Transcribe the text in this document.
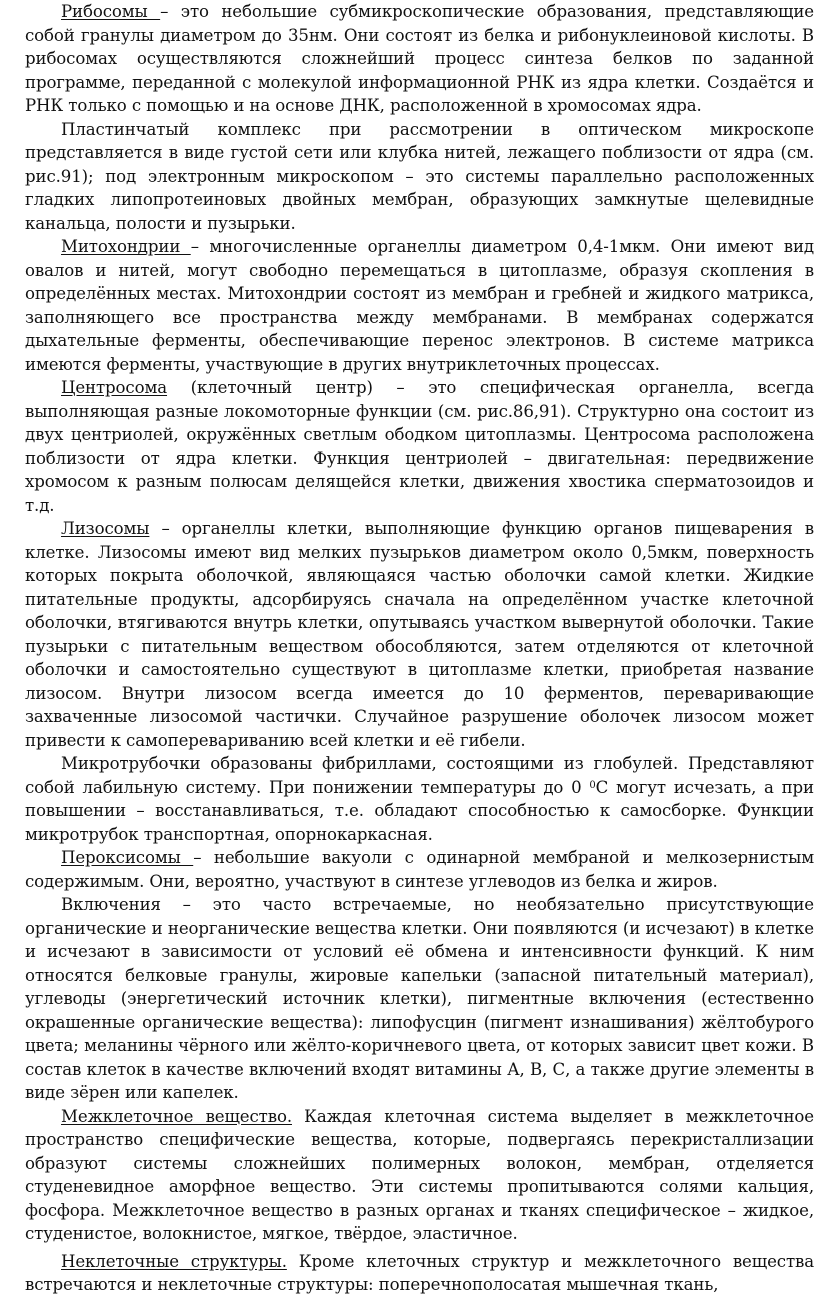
Рибосомы – это небольшие субмикроскопические образования, представляющие собой гранулы диаметром до 35нм. Они состоят из белка и рибонуклеиновой кислоты. В рибосомах осуществляются сложнейший процесс синтеза белков по заданной программе, переданной с молекулой информационной РНК из ядра клетки. Создаётся и РНК только с помощью и на основе ДНК, расположенной в хромосомах ядра.

Пластинчатый комплекс при рассмотрении в оптическом микроскопе представляется в виде густой сети или клубка нитей, лежащего поблизости от ядра (см. рис.91); под электронным микроскопом – это системы параллельно расположенных гладких липопротеиновых двойных мембран, образующих замкнутые щелевидные канальца, полости и пузырьки.

Митохондрии – многочисленные органеллы диаметром 0,4-1мкм. Они имеют вид овалов и нитей, могут свободно перемещаться в цитоплазме, образуя скопления в определённых местах. Митохондрии состоят из мембран и гребней и жидкого матрикса, заполняющего все пространства между мембранами. В мембранах содержатся дыхательные ферменты, обеспечивающие перенос электронов. В системе матрикса имеются ферменты, участвующие в других внутриклеточных процессах.

Центросома (клеточный центр) – это специфическая органелла, всегда выполняющая разные локомоторные функции (см. рис.86,91). Структурно она состоит из двух центриолей, окружённых светлым ободком цитоплазмы. Центросома расположена поблизости от ядра клетки. Функция центриолей – двигательная: передвижение хромосом к разным полюсам делящейся клетки, движения хвостика сперматозоидов и т.д.

Лизосомы – органеллы клетки, выполняющие функцию органов пищеварения в клетке. Лизосомы имеют вид мелких пузырьков диаметром около 0,5мкм, поверхность которых покрыта оболочкой, являющаяся частью оболочки самой клетки. Жидкие питательные продукты, адсорбируясь сначала на определённом участке клеточной оболочки, втягиваются внутрь клетки, опутываясь участком вывернутой оболочки. Такие пузырьки с питательным веществом обособляются, затем отделяются от клеточной оболочки и самостоятельно существуют в цитоплазме клетки, приобретая название лизосом. Внутри лизосом всегда имеется до 10 ферментов, переваривающие захваченные лизосомой частички. Случайное разрушение оболочек лизосом может привести к самоперевариванию всей клетки и её гибели.

Микротрубочки образованы фибриллами, состоящими из глобулей. Представляют собой лабильную систему. При понижении температуры до 0 $^0$С могут исчезать, а при повышении – восстанавливаться, т.е. обладают способностью к самосборке. Функции микротрубок транспортная, опорнокаркасная.

Пероксисомы – небольшие вакуоли с одинарной мембраной и мелкозернистым содержимым. Они, вероятно, участвуют в синтезе углеводов из белка и жиров.

Включения – это часто встречаемые, но необязательно присутствующие органические и неорганические вещества клетки. Они появляются (и исчезают) в клетке и исчезают в зависимости от условий её обмена и интенсивности функций. К ним относятся белковые гранулы, жировые капельки (запасной питательный материал), углеводы (энергетический источник клетки), пигментные включения (естественно окрашенные органические вещества): липофусцин (пигмент изнашивания) жёлтобурого цвета; меланины чёрного или жёлто-коричневого цвета, от которых зависит цвет кожи. В состав клеток в качестве включений входят витамины А, В, С, а также другие элементы в виде зёрен или капелек.

Межклеточное вещество. Каждая клеточная система выделяет в межклеточное пространство специфические вещества, которые, подвергаясь перекристаллизации образуют системы сложнейших полимерных волокон, мембран, отделяется студеневидное аморфное вещество. Эти системы пропитываются солями кальция, фосфора. Межклеточное вещество в разных органах и тканях специфическое – жидкое, студенистое, волокнистое, мягкое, твёрдое, эластичное.

Неклеточные структуры. Кроме клеточных структур и межклеточного вещества встречаются и неклеточные структуры: поперечнополосатая мышечная ткань,
